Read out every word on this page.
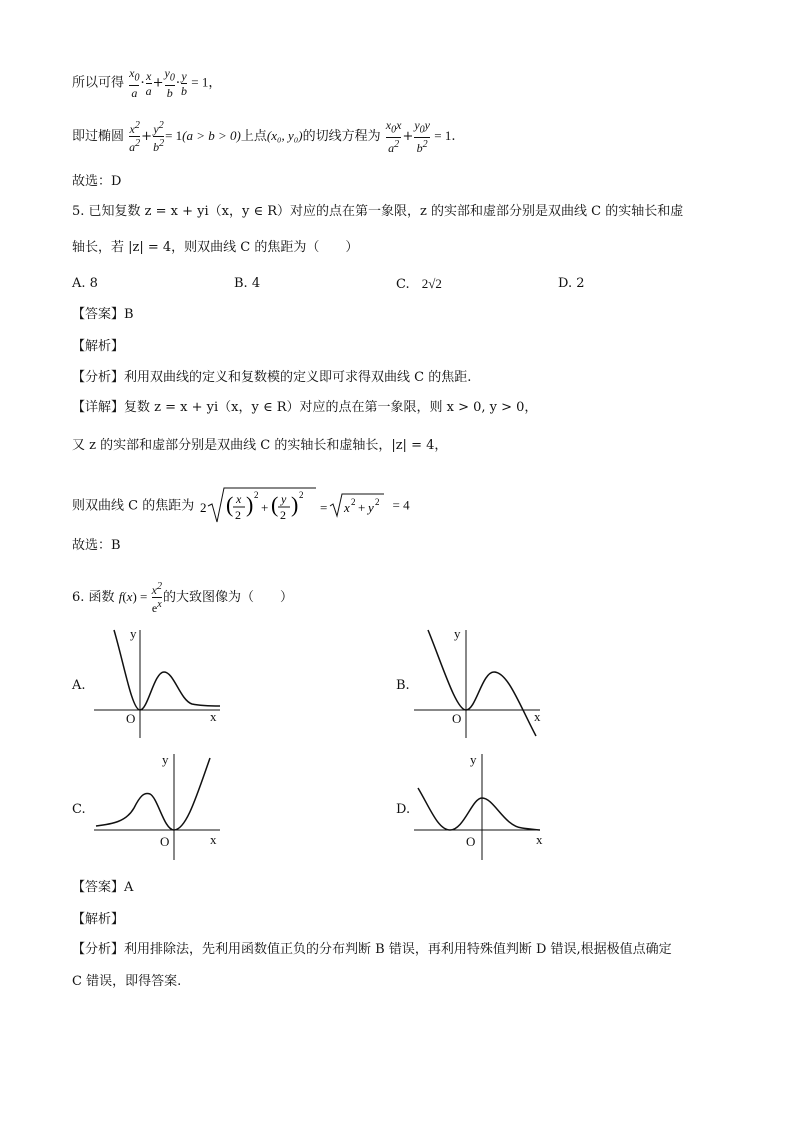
所以可得 $\frac{x_0}{a} \cdot \frac{x}{a} + \frac{y_0}{b} \cdot \frac{y}{b} = 1$，
即过椭圆 $\frac{x^2}{a^2} + \frac{y^2}{b^2} = 1(a > b > 0)$上点(x₀, y₀)的切线方程为 $\frac{x_0x}{a^2} + \frac{y_0y}{b^2} = 1$.
故选：D
5. 已知复数 z = x + yi（x，y ∈ R）对应的点在第一象限，z 的实部和虚部分别是双曲线 C 的实轴长和虚
轴长，若 |z| = 4，则双曲线 C 的焦距为（　　）
A. 8	B. 4	C. 2√2	D. 2
【答案】B
【解析】
【分析】利用双曲线的定义和复数模的定义即可求得双曲线 C 的焦距.
【详解】复数 z = x + yi（x，y ∈ R）对应的点在第一象限，则 x > 0, y > 0，
又 z 的实部和虚部分别是双曲线 C 的实轴长和虚轴长，|z| = 4，
则双曲线 C 的焦距为 2 ( x
2 ) 2
+ ( y
2 ) 2
= x 2 + y 2 = 4
故选：B
6. 函数 $f(x) = \frac{x^2}{e^x}$ 的大致图像为（　　）
A.
O	x
y
B.
O	x
y
C.
O	x
y
D.
O	x
y
【答案】A
【解析】
【分析】利用排除法，先利用函数值正负的分布判断 B 错误，再利用特殊值判断 D 错误,根据极值点确定
C 错误，即得答案.
